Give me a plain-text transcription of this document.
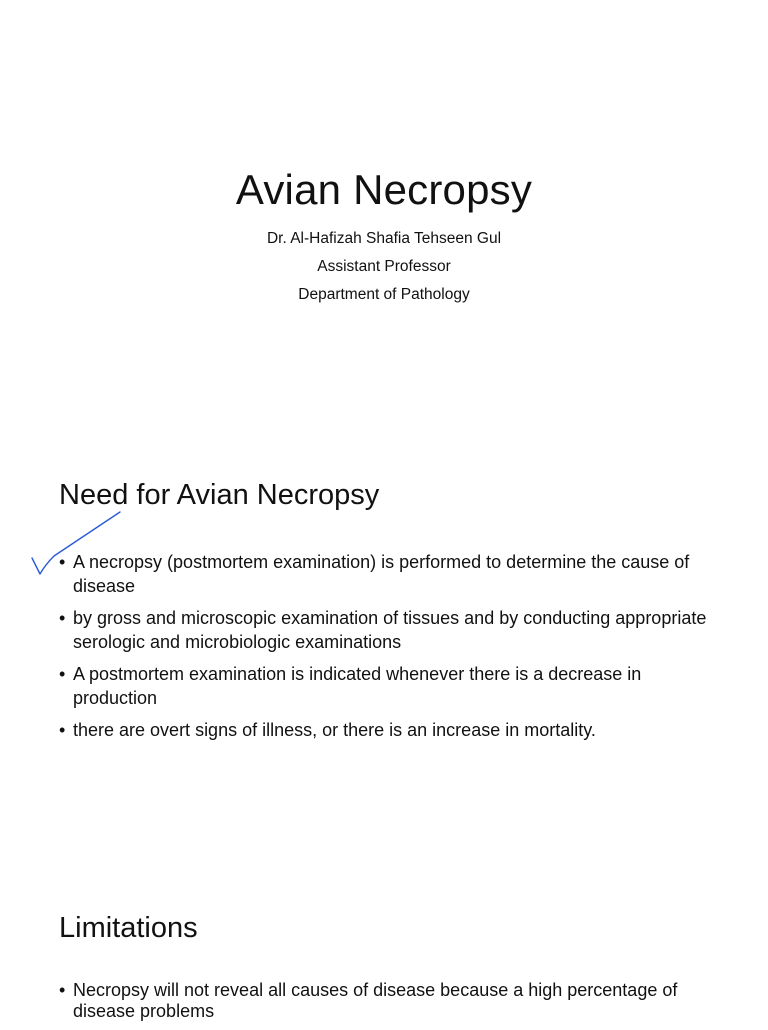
Avian Necropsy
Dr. Al-Hafizah Shafia Tehseen Gul
Assistant Professor
Department of Pathology
Need for Avian Necropsy
• A necropsy (postmortem examination) is performed to determine the cause of disease
• by gross and microscopic examination of tissues and by conducting appropriate serologic and microbiologic examinations
• A postmortem examination is indicated whenever there is a decrease in production
• there are overt signs of illness, or there is an increase in mortality.
Limitations
• Necropsy will not reveal all causes of disease because a high percentage of disease problems
